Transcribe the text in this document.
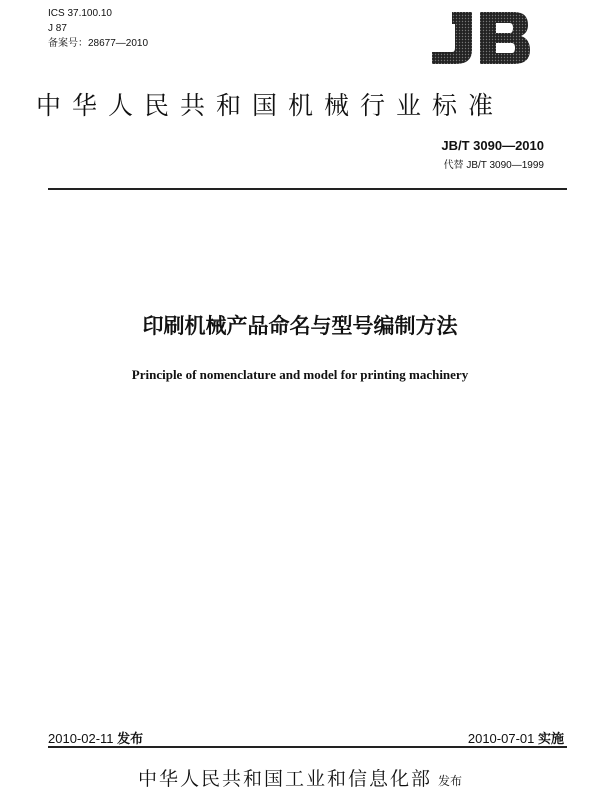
ICS 37.100.10
J 87
备案号：28677—2010
中华人民共和国机械行业标准
JB/T 3090—2010
代替 JB/T 3090—1999
印刷机械产品命名与型号编制方法
Principle of nomenclature and model for printing machinery
2010-02-11 发布	2010-07-01 实施
中华人民共和国工业和信息化部 发布
